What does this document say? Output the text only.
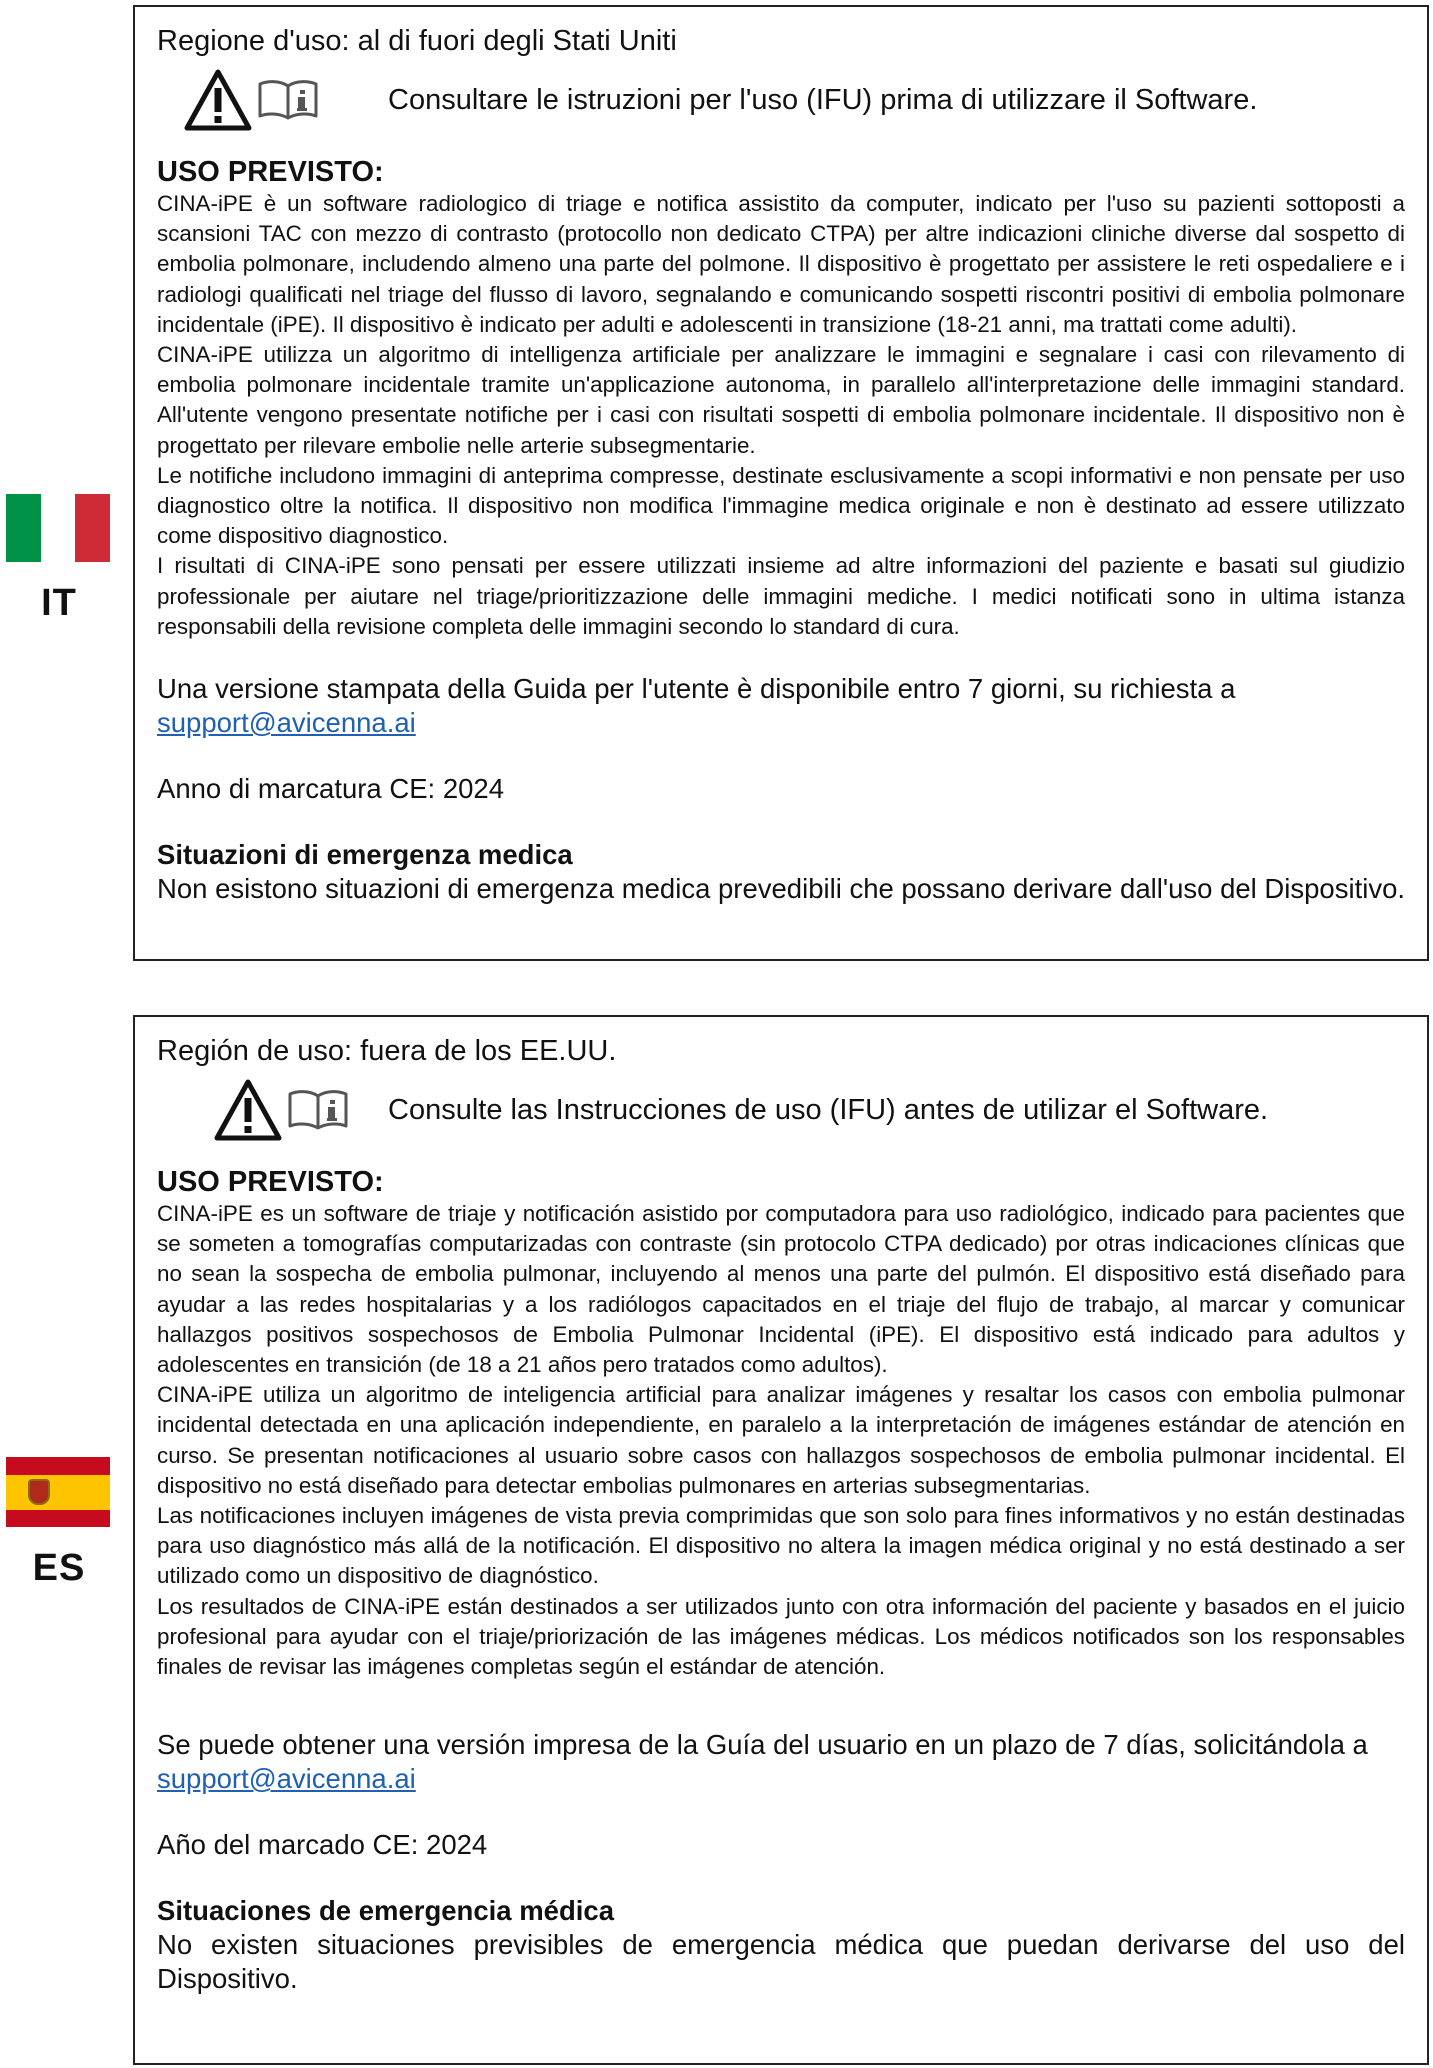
IT
Regione d'uso: al di fuori degli Stati Uniti
Consultare le istruzioni per l'uso (IFU) prima di utilizzare il Software.
USO PREVISTO:

CINA-iPE è un software radiologico di triage e notifica assistito da computer, indicato per l'uso su pazienti sottoposti a scansioni TAC con mezzo di contrasto (protocollo non dedicato CTPA) per altre indicazioni cliniche diverse dal sospetto di embolia polmonare, includendo almeno una parte del polmone. Il dispositivo è progettato per assistere le reti ospedaliere e i radiologi qualificati nel triage del flusso di lavoro, segnalando e comunicando sospetti riscontri positivi di embolia polmonare incidentale (iPE). Il dispositivo è indicato per adulti e adolescenti in transizione (18-21 anni, ma trattati come adulti).

CINA-iPE utilizza un algoritmo di intelligenza artificiale per analizzare le immagini e segnalare i casi con rilevamento di embolia polmonare incidentale tramite un'applicazione autonoma, in parallelo all'interpretazione delle immagini standard. All'utente vengono presentate notifiche per i casi con risultati sospetti di embolia polmonare incidentale. Il dispositivo non è progettato per rilevare embolie nelle arterie subsegmentarie.

Le notifiche includono immagini di anteprima compresse, destinate esclusivamente a scopi informativi e non pensate per uso diagnostico oltre la notifica. Il dispositivo non modifica l'immagine medica originale e non è destinato ad essere utilizzato come dispositivo diagnostico.

I risultati di CINA-iPE sono pensati per essere utilizzati insieme ad altre informazioni del paziente e basati sul giudizio professionale per aiutare nel triage/prioritizzazione delle immagini mediche. I medici notificati sono in ultima istanza responsabili della revisione completa delle immagini secondo lo standard di cura.

Una versione stampata della Guida per l'utente è disponibile entro 7 giorni, su richiesta a

support@avicenna.ai
Anno di marcatura CE: 2024
Situazioni di emergenza medica

Non esistono situazioni di emergenza medica prevedibili che possano derivare dall'uso del Dispositivo.

ES
Región de uso: fuera de los EE.UU.
Consulte las Instrucciones de uso (IFU) antes de utilizar el Software.
USO PREVISTO:

CINA-iPE es un software de triaje y notificación asistido por computadora para uso radiológico, indicado para pacientes que se someten a tomografías computarizadas con contraste (sin protocolo CTPA dedicado) por otras indicaciones clínicas que no sean la sospecha de embolia pulmonar, incluyendo al menos una parte del pulmón. El dispositivo está diseñado para ayudar a las redes hospitalarias y a los radiólogos capacitados en el triaje del flujo de trabajo, al marcar y comunicar hallazgos positivos sospechosos de Embolia Pulmonar Incidental (iPE). El dispositivo está indicado para adultos y adolescentes en transición (de 18 a 21 años pero tratados como adultos).

CINA-iPE utiliza un algoritmo de inteligencia artificial para analizar imágenes y resaltar los casos con embolia pulmonar incidental detectada en una aplicación independiente, en paralelo a la interpretación de imágenes estándar de atención en curso. Se presentan notificaciones al usuario sobre casos con hallazgos sospechosos de embolia pulmonar incidental. El dispositivo no está diseñado para detectar embolias pulmonares en arterias subsegmentarias.

Las notificaciones incluyen imágenes de vista previa comprimidas que son solo para fines informativos y no están destinadas para uso diagnóstico más allá de la notificación. El dispositivo no altera la imagen médica original y no está destinado a ser utilizado como un dispositivo de diagnóstico.

Los resultados de CINA-iPE están destinados a ser utilizados junto con otra información del paciente y basados en el juicio profesional para ayudar con el triaje/priorización de las imágenes médicas. Los médicos notificados son los responsables finales de revisar las imágenes completas según el estándar de atención.

Se puede obtener una versión impresa de la Guía del usuario en un plazo de 7 días, solicitándola a

support@avicenna.ai
Año del marcado CE: 2024
Situaciones de emergencia médica

No existen situaciones previsibles de emergencia médica que puedan derivarse del uso del Dispositivo.
